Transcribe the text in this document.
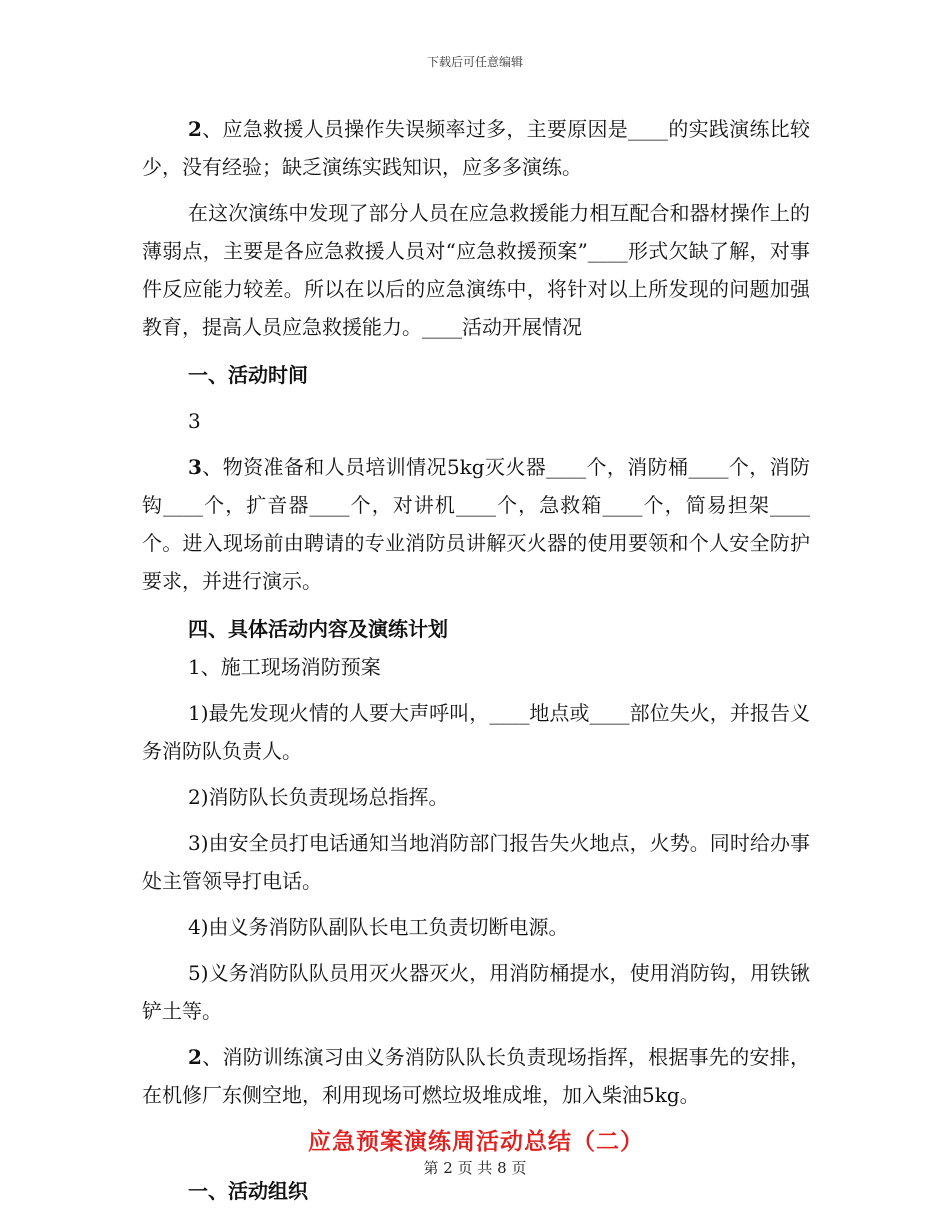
下载后可任意编辑

2、应急救援人员操作失误频率过多，主要原因是____的实践演练比较少，没有经验；缺乏演练实践知识，应多多演练。

在这次演练中发现了部分人员在应急救援能力相互配合和器材操作上的薄弱点，主要是各应急救援人员对“应急救援预案”____形式欠缺了解，对事件反应能力较差。所以在以后的应急演练中，将针对以上所发现的问题加强教育，提高人员应急救援能力。____活动开展情况

一、活动时间

3

3、物资准备和人员培训情况5kg灭火器____个，消防桶____个，消防钩____个，扩音器____个，对讲机____个，急救箱____个，简易担架____个。进入现场前由聘请的专业消防员讲解灭火器的使用要领和个人安全防护要求，并进行演示。

四、具体活动内容及演练计划

1、施工现场消防预案

1)最先发现火情的人要大声呼叫，____地点或____部位失火，并报告义务消防队负责人。

2)消防队长负责现场总指挥。

3)由安全员打电话通知当地消防部门报告失火地点，火势。同时给办事处主管领导打电话。

4)由义务消防队副队长电工负责切断电源。

5)义务消防队队员用灭火器灭火，用消防桶提水，使用消防钩，用铁锹铲土等。

2、消防训练演习由义务消防队队长负责现场指挥，根据事先的安排，在机修厂东侧空地，利用现场可燃垃圾堆成堆，加入柴油5kg。

应急预案演练周活动总结（二）

一、活动组织

第 2 页 共 8 页
